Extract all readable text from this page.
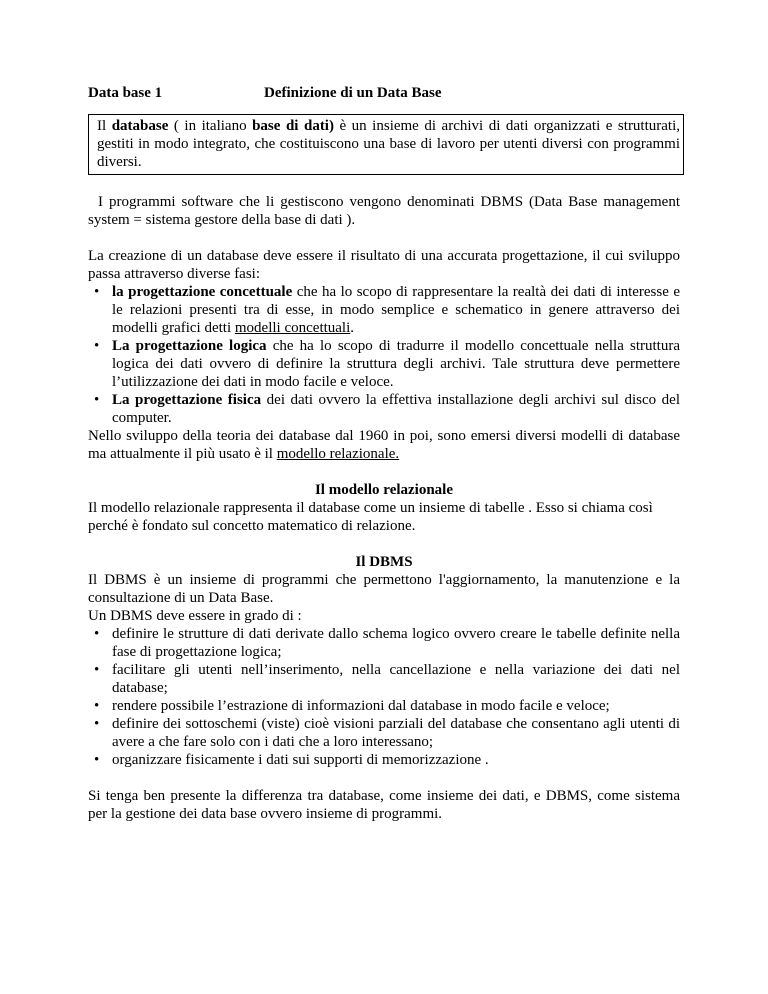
Data base 1	Definizione di un Data Base
Il database ( in italiano base di dati) è un insieme di archivi di dati organizzati e strutturati, gestiti in modo integrato, che costituiscono una base di lavoro per utenti diversi con programmi diversi.

I programmi software che li gestiscono vengono denominati DBMS (Data Base management system = sistema gestore della base di dati ).

La creazione di un database deve essere il risultato di una accurata progettazione, il cui sviluppo passa attraverso diverse fasi:

• la progettazione concettuale che ha lo scopo di rappresentare la realtà dei dati di interesse e le relazioni presenti tra di esse, in modo semplice e schematico in genere attraverso dei modelli grafici detti modelli concettuali.
• La progettazione logica che ha lo scopo di tradurre il modello concettuale nella struttura logica dei dati ovvero di definire la struttura degli archivi. Tale struttura deve permettere l’utilizzazione dei dati in modo facile e veloce.
• La progettazione fisica dei dati ovvero la effettiva installazione degli archivi sul disco del computer.

Nello sviluppo della teoria dei database dal 1960 in poi, sono emersi diversi modelli di database ma attualmente il più usato è il modello relazionale.

Il modello relazionale

Il modello relazionale rappresenta il database come un insieme di tabelle . Esso si chiama così perché è fondato sul concetto matematico di relazione.

Il DBMS

Il DBMS è un insieme di programmi che permettono l'aggiornamento, la manutenzione e la consultazione di un Data Base.

Un DBMS deve essere in grado di :

• definire le strutture di dati derivate dallo schema logico ovvero creare le tabelle definite nella fase di progettazione logica;
• facilitare gli utenti nell’inserimento, nella cancellazione e nella variazione dei dati nel database;
• rendere possibile l’estrazione di informazioni dal database in modo facile e veloce;
• definire dei sottoschemi (viste) cioè visioni parziali del database che consentano agli utenti di avere a che fare solo con i dati che a loro interessano;
• organizzare fisicamente i dati sui supporti di memorizzazione .

Si tenga ben presente la differenza tra database, come insieme dei dati, e DBMS, come sistema per la gestione dei data base ovvero insieme di programmi.
